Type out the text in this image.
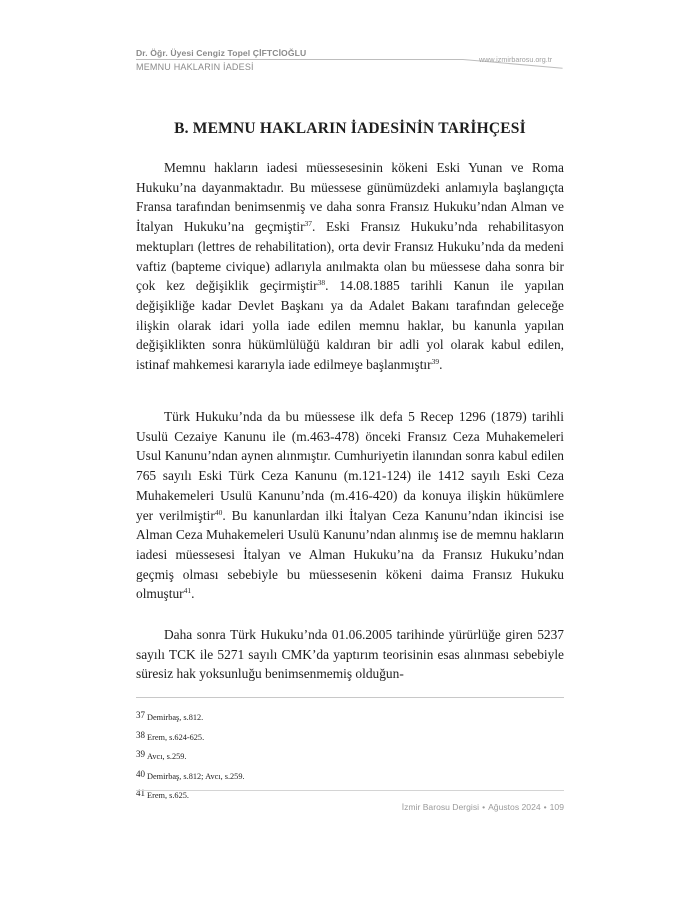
Dr. Öğr. Üyesi Cengiz Topel ÇİFTCİOĞLU
MEMNU HAKLARIN İADESİ
www.izmirbarosu.org.tr
B. MEMNU HAKLARIN İADESİNİN TARİHÇESİ

Memnu hakların iadesi müessesesinin kökeni Eski Yunan ve Roma Hukuku’na dayanmaktadır. Bu müessese günümüzdeki anlamıyla başlangıçta Fransa tarafından benimsenmiş ve daha sonra Fransız Hukuku’ndan Alman ve İtalyan Hukuku’na geçmiştir$^{37}$. Eski Fransız Hukuku’nda rehabilitasyon mektupları (lettres de rehabilitation), orta devir Fransız Hukuku’nda da medeni vaftiz (bapteme civique) adlarıyla anılmakta olan bu müessese daha sonra bir çok kez değişiklik geçirmiştir$^{38}$. 14.08.1885 tarihli Kanun ile yapılan değişikliğe kadar Devlet Başkanı ya da Adalet Bakanı tarafından geleceğe ilişkin olarak idari yolla iade edilen memnu haklar, bu kanunla yapılan değişiklikten sonra hükümlülüğü kaldıran bir adli yol olarak kabul edilen, istinaf mahkemesi kararıyla iade edilmeye başlanmıştır$^{39}$.

Türk Hukuku’nda da bu müessese ilk defa 5 Recep 1296 (1879) tarihli Usulü Cezaiye Kanunu ile (m.463-478) önceki Fransız Ceza Muhakemeleri Usul Kanunu’ndan aynen alınmıştır. Cumhuriyetin ilanından sonra kabul edilen 765 sayılı Eski Türk Ceza Kanunu (m.121-124) ile 1412 sayılı Eski Ceza Muhakemeleri Usulü Kanunu’nda (m.416-420) da konuya ilişkin hükümlere yer verilmiştir$^{40}$. Bu kanunlardan ilki İtalyan Ceza Kanunu’ndan ikincisi ise Alman Ceza Muhakemeleri Usulü Kanunu’ndan alınmış ise de memnu hakların iadesi müessesesi İtalyan ve Alman Hukuku’na da Fransız Hukuku’ndan geçmiş olması sebebiyle bu müessesenin kökeni daima Fransız Hukuku olmuştur$^{41}$.

Daha sonra Türk Hukuku’nda 01.06.2005 tarihinde yürürlüğe giren 5237 sayılı TCK ile 5271 sayılı CMK’da yaptırım teorisinin esas alınması sebebiyle süresiz hak yoksunluğu benimsenmemiş olduğun-

37 Demirbaş, s.812.
38 Erem, s.624-625.
39 Avcı, s.259.
40 Demirbaş, s.812; Avcı, s.259.
41 Erem, s.625.
İzmir Barosu Dergisi • Ağustos 2024 • 109
